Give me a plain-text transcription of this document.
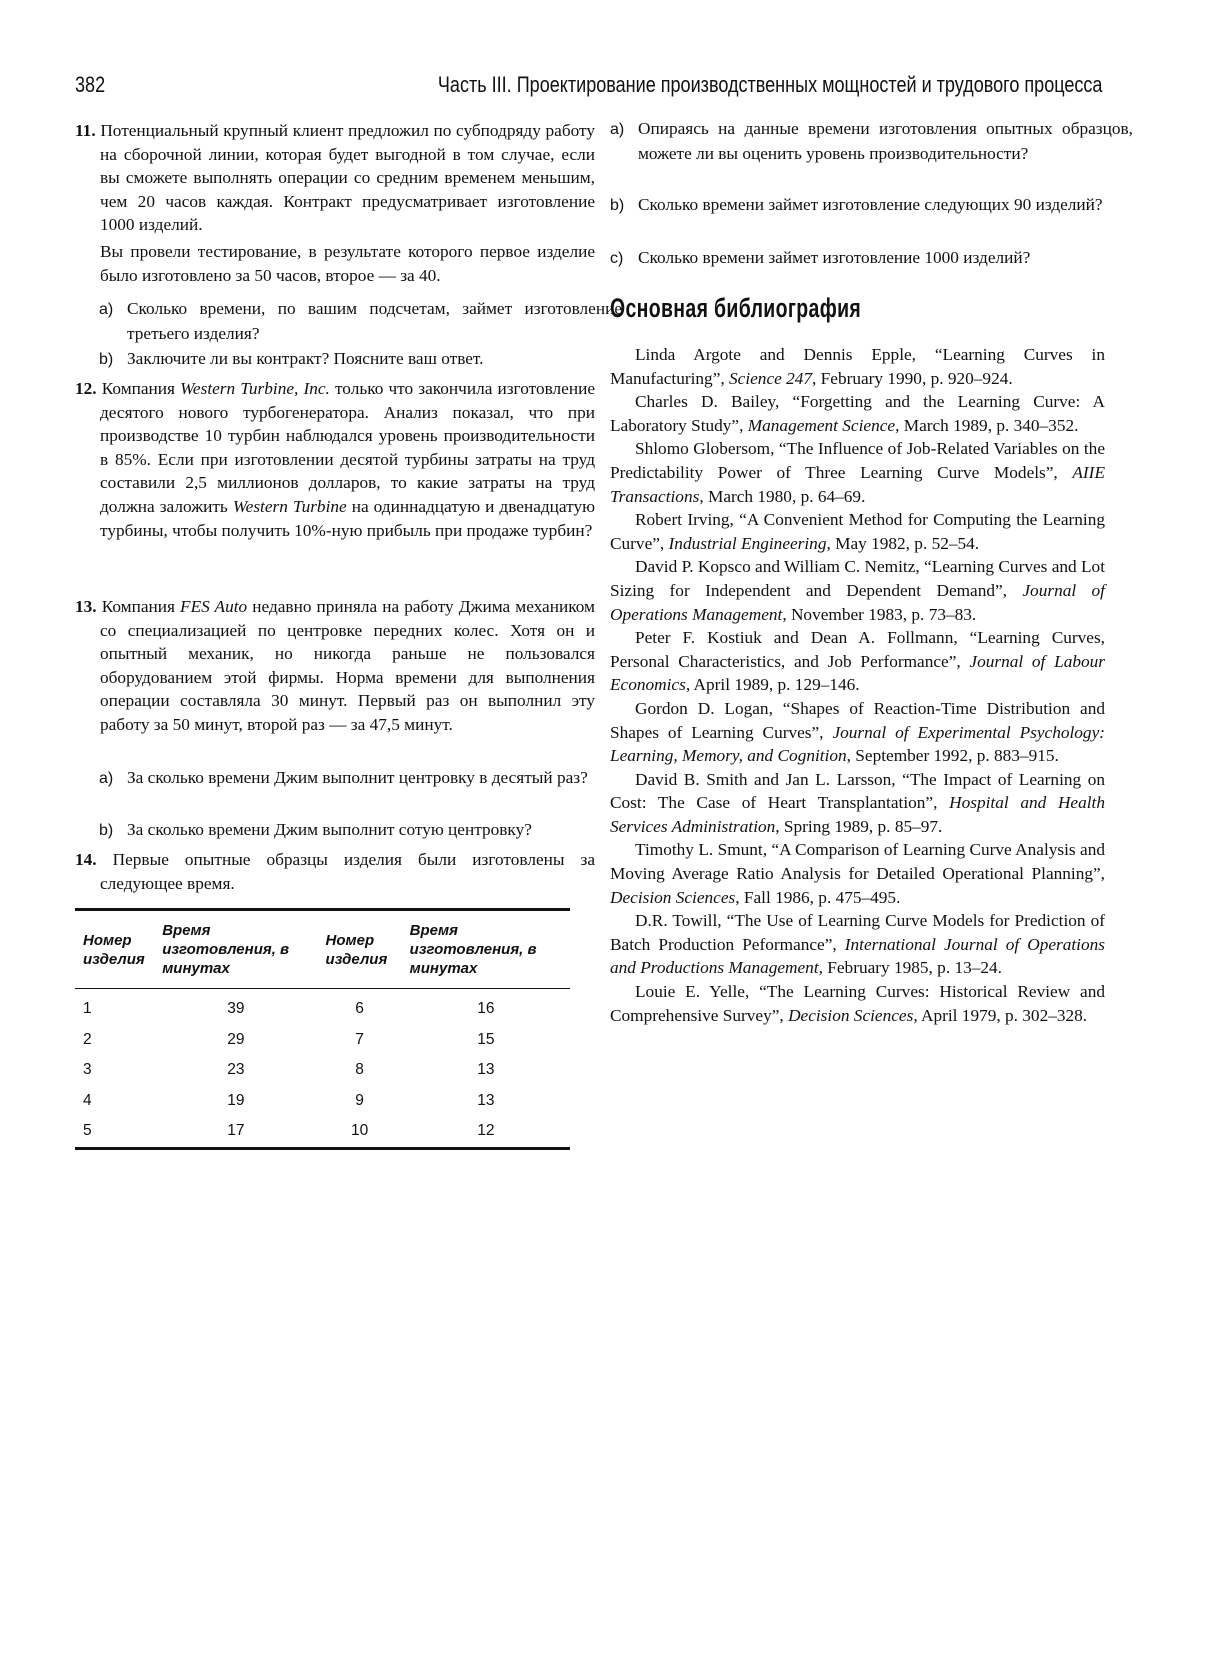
382	Часть III. Проектирование производственных мощностей и трудового процесса
11. Потенциальный крупный клиент предложил по субподряду работу на сборочной линии, которая будет выгодной в том случае, если вы сможете выполнять операции со средним временем меньшим, чем 20 часов каждая. Контракт предусматривает изготовление 1000 изделий.
Вы провели тестирование, в результате которого первое изделие было изготовлено за 50 часов, второе — за 40.
a) Сколько времени, по вашим подсчетам, займет изготовление третьего изделия?
b) Заключите ли вы контракт? Поясните ваш ответ.
12. Компания Western Turbine, Inc. только что закончила изготовление десятого нового турбогенератора. Анализ показал, что при производстве 10 турбин наблюдался уровень производительности в 85%. Если при изготовлении десятой турбины затраты на труд составили 2,5 миллионов долларов, то какие затраты на труд должна заложить Western Turbine на одиннадцатую и двенадцатую турбины, чтобы получить 10%-ную прибыль при продаже турбин?
13. Компания FES Auto недавно приняла на работу Джима механиком со специализацией по центровке передних колес. Хотя он и опытный механик, но никогда раньше не пользовался оборудованием этой фирмы. Норма времени для выполнения операции составляла 30 минут. Первый раз он выполнил эту работу за 50 минут, второй раз — за 47,5 минут.
a) За сколько времени Джим выполнит центровку в десятый раз?
b) За сколько времени Джим выполнит сотую центровку?
14. Первые опытные образцы изделия были изготовлены за следующее время.
Номер изделия	Время изготовления, в минутах	Номер изделия	Время изготовления, в минутах
1	39	6	16
2	29	7	15
3	23	8	13
4	19	9	13
5	17	10	12
a) Опираясь на данные времени изготовления опытных образцов, можете ли вы оценить уровень производительности?
b) Сколько времени займет изготовление следующих 90 изделий?
c) Сколько времени займет изготовление 1000 изделий?
Основная библиография

Linda Argote and Dennis Epple, “Learning Curves in Manufacturing”, Science 247, February 1990, p. 920–924.

Charles D. Bailey, “Forgetting and the Learning Curve: A Laboratory Study”, Management Science, March 1989, p. 340–352.

Shlomo Globersom, “The Influence of Job-Related Variables on the Predictability Power of Three Learning Curve Models”, AIIE Transactions, March 1980, p. 64–69.

Robert Irving, “A Convenient Method for Computing the Learning Curve”, Industrial Engineering, May 1982, p. 52–54.

David P. Kopsco and William C. Nemitz, “Learning Curves and Lot Sizing for Independent and Dependent Demand”, Journal of Operations Management, November 1983, p. 73–83.

Peter F. Kostiuk and Dean A. Follmann, “Learning Curves, Personal Characteristics, and Job Performance”, Journal of Labour Economics, April 1989, p. 129–146.

Gordon D. Logan, “Shapes of Reaction-Time Distribution and Shapes of Learning Curves”, Journal of Experimental Psychology: Learning, Memory, and Cognition, September 1992, p. 883–915.

David B. Smith and Jan L. Larsson, “The Impact of Learning on Cost: The Case of Heart Transplantation”, Hospital and Health Services Administration, Spring 1989, p. 85–97.

Timothy L. Smunt, “A Comparison of Learning Curve Analysis and Moving Average Ratio Analysis for Detailed Operational Planning”, Decision Sciences, Fall 1986, p. 475–495.

D.R. Towill, “The Use of Learning Curve Models for Prediction of Batch Production Peformance”, International Journal of Operations and Productions Management, February 1985, p. 13–24.

Louie E. Yelle, “The Learning Curves: Historical Review and Comprehensive Survey”, Decision Sciences, April 1979, p. 302–328.
